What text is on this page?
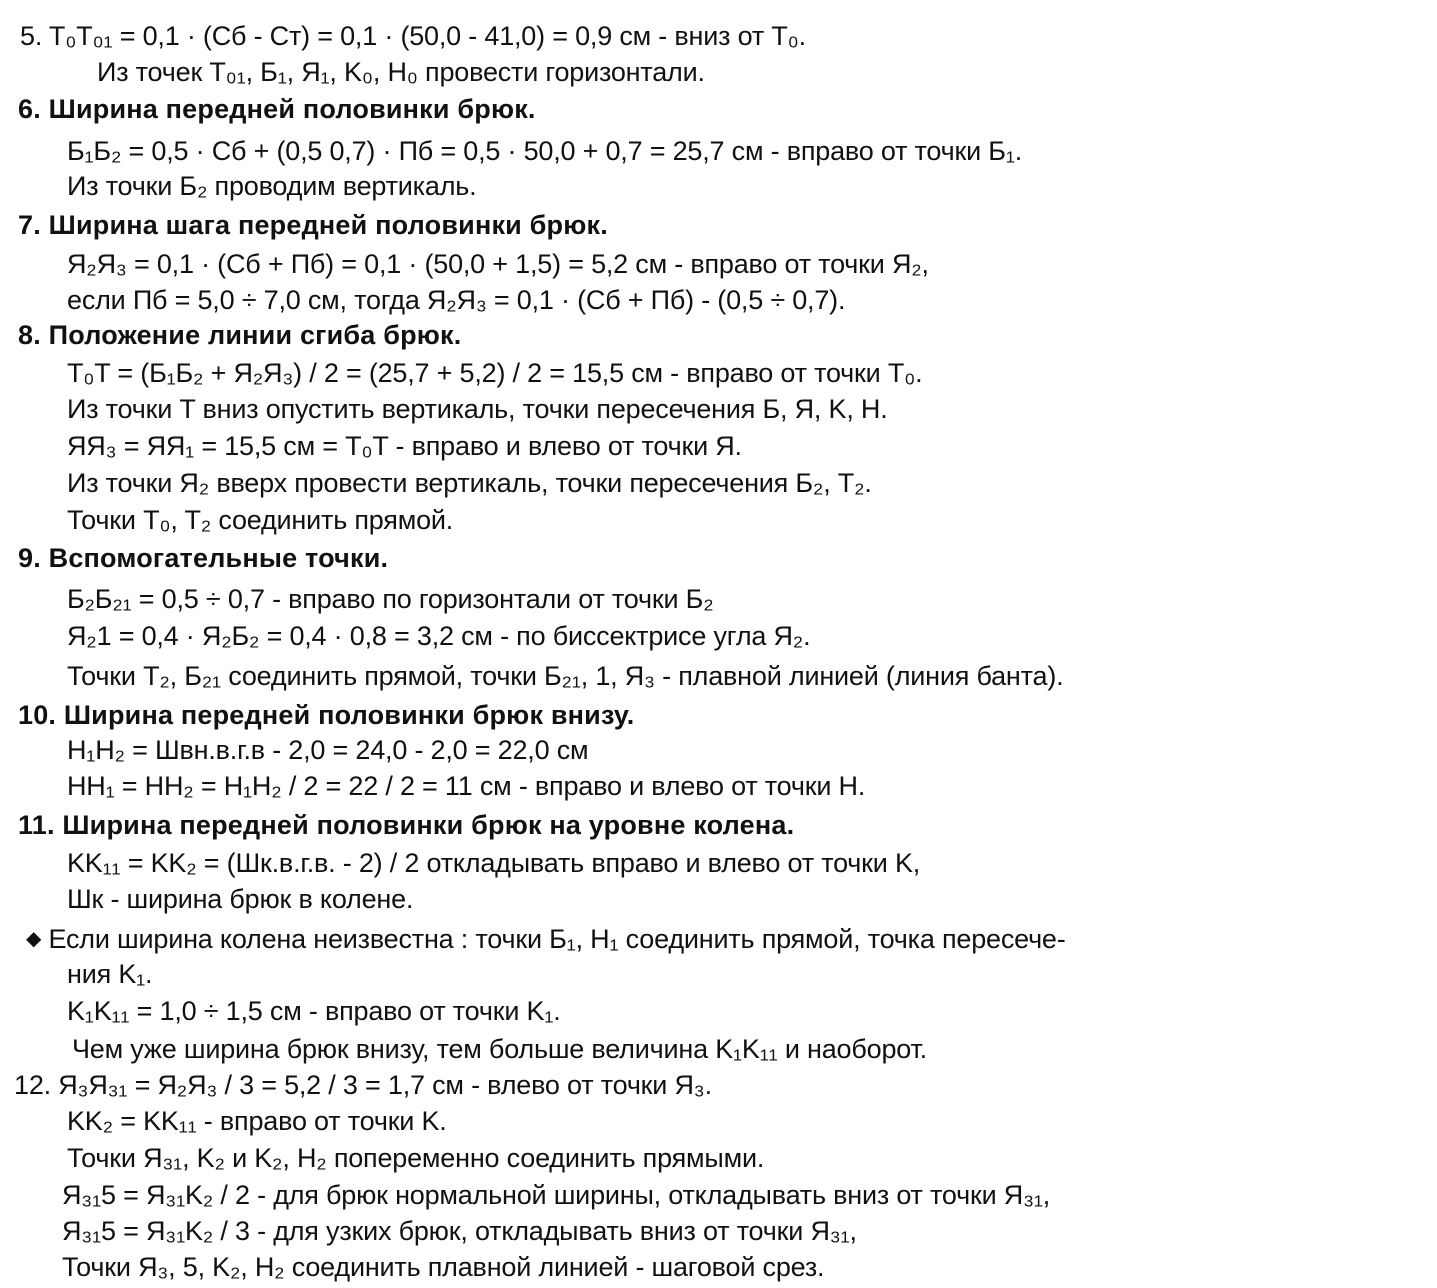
5. T₀T₀₁ = 0,1 · (Cб - Cт) = 0,1 · (50,0 - 41,0) = 0,9 см - вниз от T₀.
Из точек T₀₁, Б₁, Я₁, K₀, H₀ провести горизонтали.
6. Ширина передней половинки брюк.
Б₁Б₂ = 0,5 · Cб + (0,5 0,7) · Пб = 0,5 · 50,0 + 0,7 = 25,7 см - вправо от точки Б₁.
Из точки Б₂ проводим вертикаль.
7. Ширина шага передней половинки брюк.
Я₂Я₃ = 0,1 · (Cб + Пб) = 0,1 · (50,0 + 1,5) = 5,2 см - вправо от точки Я₂,
если Пб = 5,0 ÷ 7,0 см, тогда Я₂Я₃ = 0,1 · (Cб + Пб) - (0,5 ÷ 0,7).
8. Положение линии сгиба брюк.
T₀T = (Б₁Б₂ + Я₂Я₃) / 2 = (25,7 + 5,2) / 2 = 15,5 см - вправо от точки T₀.
Из точки T вниз опустить вертикаль, точки пересечения Б, Я, K, H.
ЯЯ₃ = ЯЯ₁ = 15,5 см = T₀T - вправо и влево от точки Я.
Из точки Я₂ вверх провести вертикаль, точки пересечения Б₂, T₂.
Точки T₀, T₂ соединить прямой.
9. Вспомогательные точки.
Б₂Б₂₁ = 0,5 ÷ 0,7 - вправо по горизонтали от точки Б₂
Я₂1 = 0,4 · Я₂Б₂ = 0,4 · 0,8 = 3,2 см - по биссектрисе угла Я₂.
Точки T₂, Б₂₁ соединить прямой, точки Б₂₁, 1, Я₃ - плавной линией (линия банта).
10. Ширина передней половинки брюк внизу.
H₁H₂ = Швн.в.г.в - 2,0 = 24,0 - 2,0 = 22,0 см
HH₁ = HH₂ = H₁H₂ / 2 = 22 / 2 = 11 см - вправо и влево от точки H.
11. Ширина передней половинки брюк на уровне колена.
KK₁₁ = KK₂ = (Шк.в.г.в. - 2) / 2 откладывать вправо и влево от точки K,
Шк - ширина брюк в колене.
◆ Если ширина колена неизвестна : точки Б₁, H₁ соединить прямой, точка пересече-
ния K₁.
K₁K₁₁ = 1,0 ÷ 1,5 см - вправо от точки K₁.
Чем уже ширина брюк внизу, тем больше величина K₁K₁₁ и наоборот.
12. Я₃Я₃₁ = Я₂Я₃ / 3 = 5,2 / 3 = 1,7 см - влево от точки Я₃.
KK₂ = KK₁₁ - вправо от точки K.
Точки Я₃₁, K₂ и K₂, H₂ попеременно соединить прямыми.
Я₃₁5 = Я₃₁K₂ / 2 - для брюк нормальной ширины, откладывать вниз от точки Я₃₁,
Я₃₁5 = Я₃₁K₂ / 3 - для узких брюк, откладывать вниз от точки Я₃₁,
Точки Я₃, 5, K₂, H₂ соединить плавной линией - шаговой срез.
